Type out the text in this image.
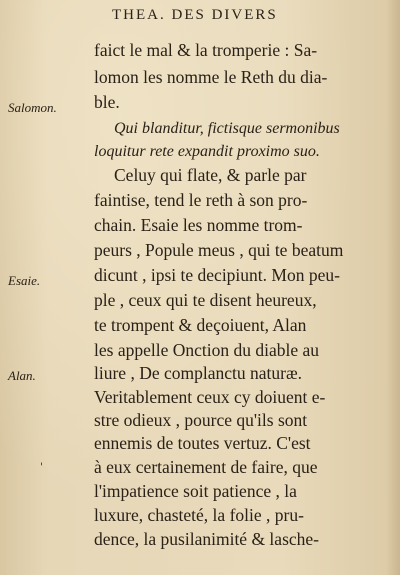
THEA. DES DIVERS
Salomon.
Esaie.
Alan.
'
faict le mal & la tromperie : Sa-
lomon les nomme le Reth du dia-
ble.
Qui blanditur, fictisque sermonibus
loquitur rete expandit proximo suo.
Celuy qui flate, & parle par
faintise, tend le reth à son pro-
chain. Esaie les nomme trom-
peurs , Popule meus , qui te beatum
dicunt , ipsi te decipiunt. Mon peu-
ple , ceux qui te disent heureux,
te trompent & deçoiuent, Alan
les appelle Onction du diable au
liure , De complanctu naturæ.
Veritablement ceux cy doiuent e-
stre odieux , pource qu'ils sont
ennemis de toutes vertuz. C'est
à eux certainement de faire, que
l'impatience soit patience , la
luxure, chasteté, la folie , pru-
dence, la pusilanimité & lasche-
